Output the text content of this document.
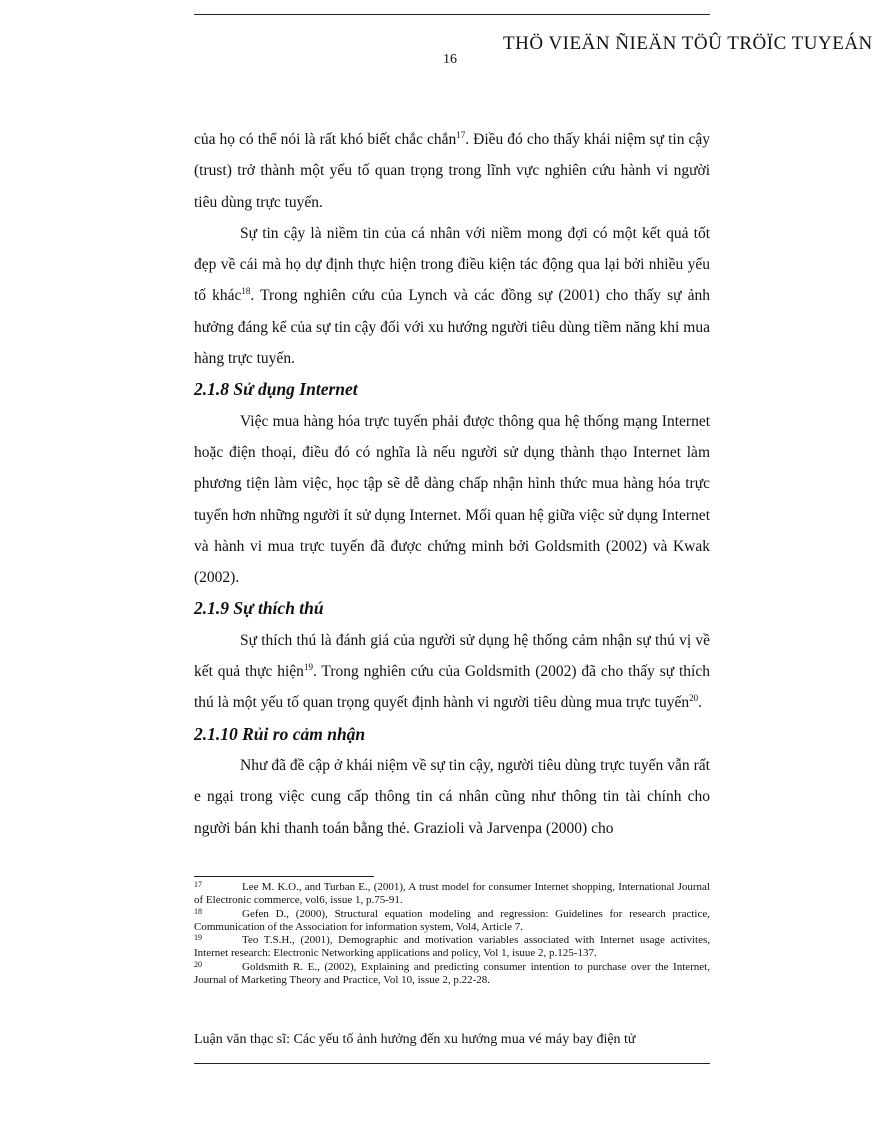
16
THÖ VIEÄN ÑIEÄN TÖÛ TRÖÏC TUYEÁN

của họ có thể nói là rất khó biết chắc chắn$^{17}$. Điều đó cho thấy khái niệm sự tin cậy (trust) trở thành một yếu tố quan trọng trong lĩnh vực nghiên cứu hành vi người tiêu dùng trực tuyến.

Sự tin cậy là niềm tin của cá nhân với niềm mong đợi có một kết quả tốt đẹp về cái mà họ dự định thực hiện trong điều kiện tác động qua lại bởi nhiều yếu tố khác$^{18}$. Trong nghiên cứu của Lynch và các đồng sự (2001) cho thấy sự ảnh hưởng đáng kể của sự tin cậy đối với xu hướng người tiêu dùng tiềm năng khi mua hàng trực tuyến.

2.1.8 Sử dụng Internet

Việc mua hàng hóa trực tuyến phải được thông qua hệ thống mạng Internet hoặc điện thoại, điều đó có nghĩa là nếu người sử dụng thành thạo Internet làm phương tiện làm việc, học tập sẽ dễ dàng chấp nhận hình thức mua hàng hóa trực tuyến hơn những người ít sử dụng Internet. Mối quan hệ giữa việc sử dụng Internet và hành vi mua trực tuyến đã được chứng minh bởi Goldsmith (2002) và Kwak (2002).

2.1.9 Sự thích thú

Sự thích thú là đánh giá của người sử dụng hệ thống cảm nhận sự thú vị về kết quả thực hiện$^{19}$. Trong nghiên cứu của Goldsmith (2002) đã cho thấy sự thích thú là một yếu tố quan trọng quyết định hành vi người tiêu dùng mua trực tuyến$^{20}$.

2.1.10 Rủi ro cảm nhận

Như đã đề cập ở khái niệm về sự tin cậy, người tiêu dùng trực tuyến vẫn rất e ngại trong việc cung cấp thông tin cá nhân cũng như thông tin tài chính cho người bán khi thanh toán bằng thẻ. Grazioli và Jarvenpa (2000) cho

17	Lee M. K.O., and Turban E., (2001), A trust model for consumer Internet shopping, International Journal of Electronic commerce, vol6, issue 1, p.75-91.
18	Gefen D., (2000), Structural equation modeling and regression: Guidelines for research practice, Communication of the Association for information system, Vol4, Article 7.
19	Teo T.S.H., (2001), Demographic and motivation variables associated with Internet usage activites, Internet research: Electronic Networking applications and policy, Vol 1, isuue 2, p.125-137.
20	Goldsmith R. E., (2002), Explaining and predicting consumer intention to purchase over the Internet, Journal of Marketing Theory and Practice, Vol 10, issue 2, p.22-28.
Luận văn thạc sĩ: Các yếu tố ảnh hưởng đến xu hướng mua vé máy bay điện tử
